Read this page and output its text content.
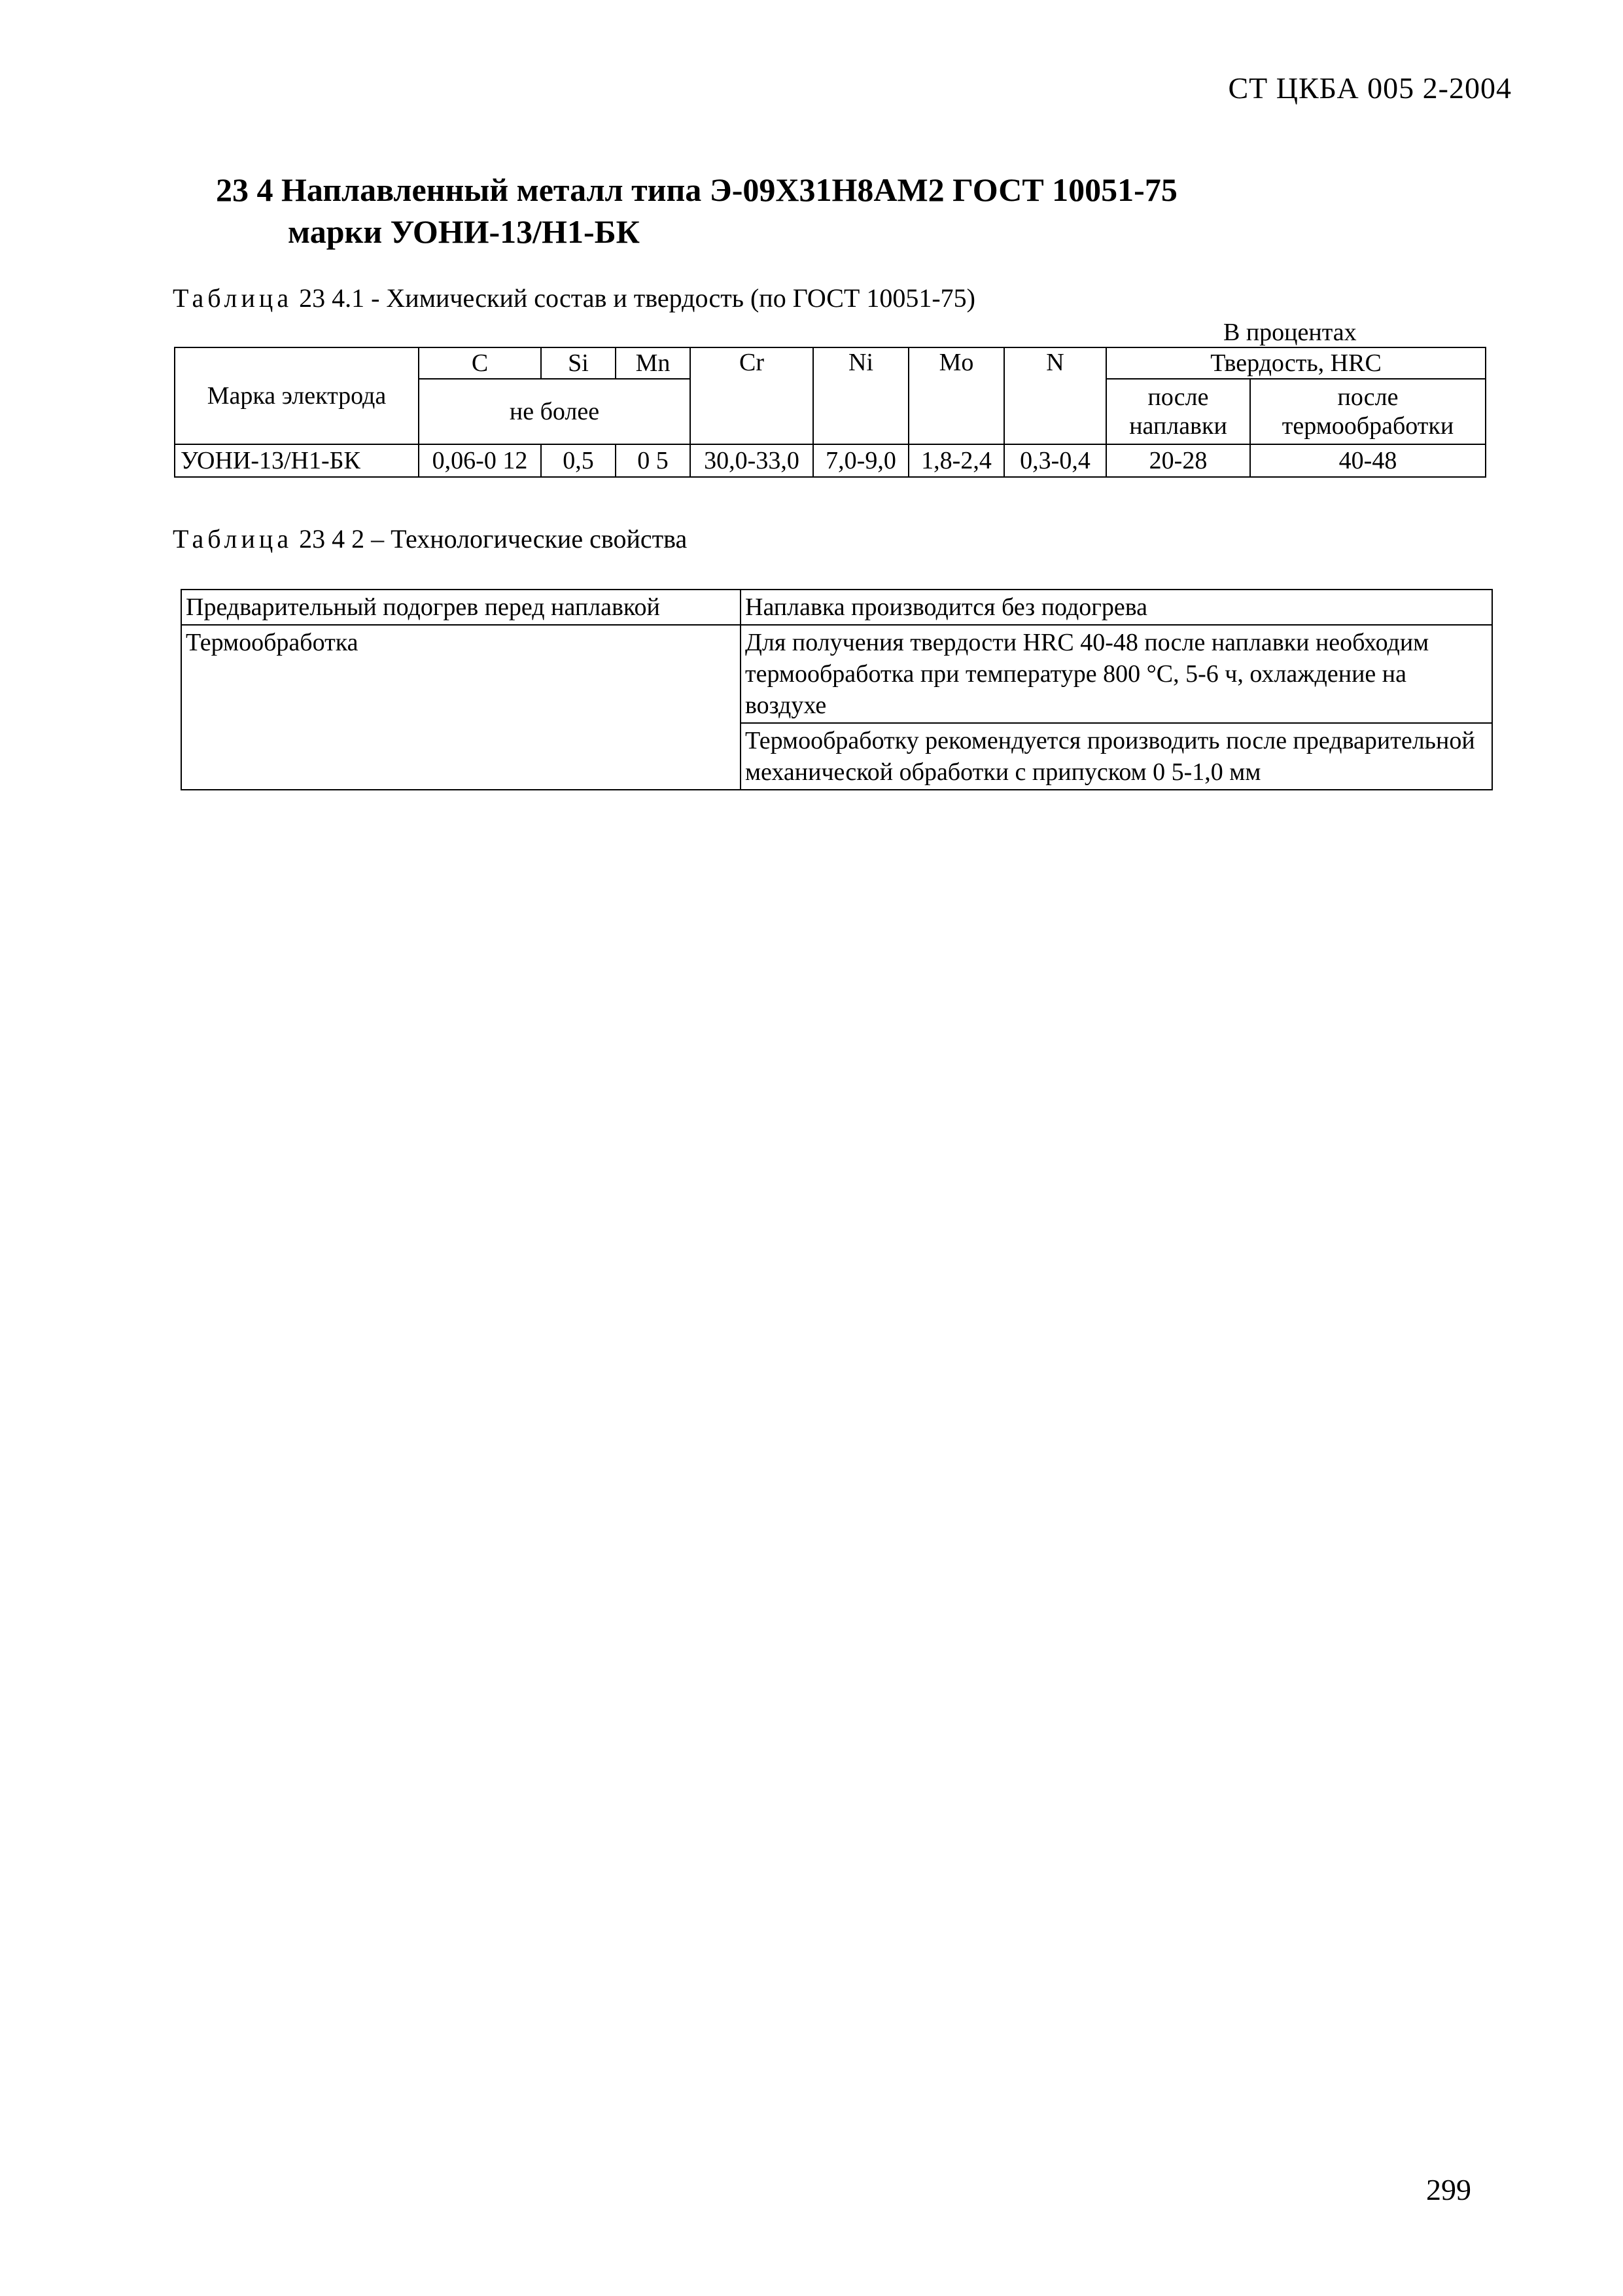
СТ ЦКБА 005 2-2004
23 4 Наплавленный металл типа Э-09Х31Н8АМ2 ГОСТ 10051-75
марки УОНИ-13/Н1-БК
Таблица 23 4.1 - Химический состав и твердость (по ГОСТ 10051-75)
В процентах
Марка электрода	C	Si	Mn	Cr	Ni	Mo	N	Твердость, HRC	
	не более							после наплавки	после термообработки
УОНИ-13/Н1-БК	0,06-0 12	0,5	0 5	30,0-33,0	7,0-9,0	1,8-2,4	0,3-0,4	20-28	40-48
Таблица 23 4 2 – Технологические свойства
Предварительный подогрев перед наплавкой	Наплавка производится без подогрева
Термообработка	Для получения твердости HRC 40-48 после наплавки необходим термообработка при температуре 800 °С, 5-6 ч, охлаждение на воздухе
	Термообработку рекомендуется производить после предварительной механической обработки с припуском 0 5-1,0 мм
299
